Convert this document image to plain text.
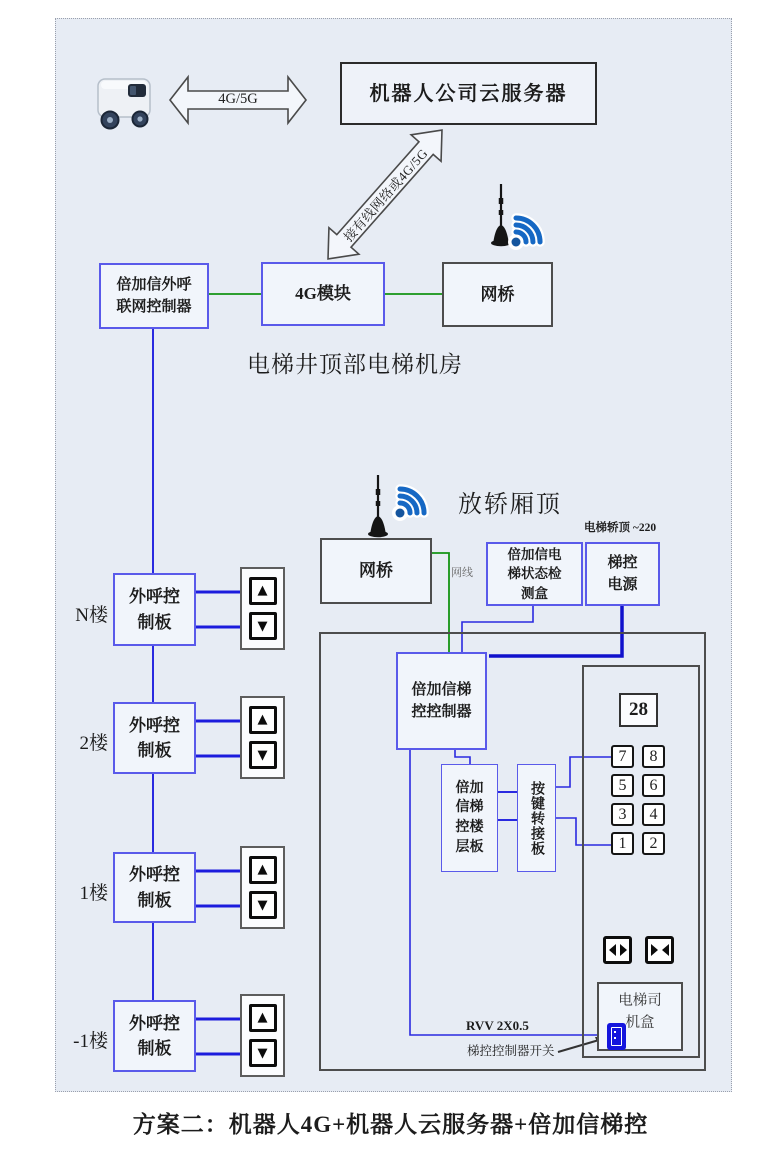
4G/5G
接有线网络或4G/5G
机器人公司云服务器
倍加信外呼
联网控制器
4G模块	网桥
电梯井顶部电梯机房
N楼
外呼控
制板
▲
▼
2楼
外呼控
制板
▲
▼
1楼
外呼控
制板
▲
▼
-1楼
外呼控
制板
▲
▼
放轿厢顶
电梯轿顶 ~220
网桥	网线
倍加信电
梯状态检
测盒
梯控
电源
倍加信梯
控控制器
倍加
信梯
控楼
层板	按键转接板
28
7 8
5 6
3 4
1 2
电梯司
机盒
RVV 2X0.5
梯控控制器开关
方案二：机器人4G+机器人云服务器+倍加信梯控
